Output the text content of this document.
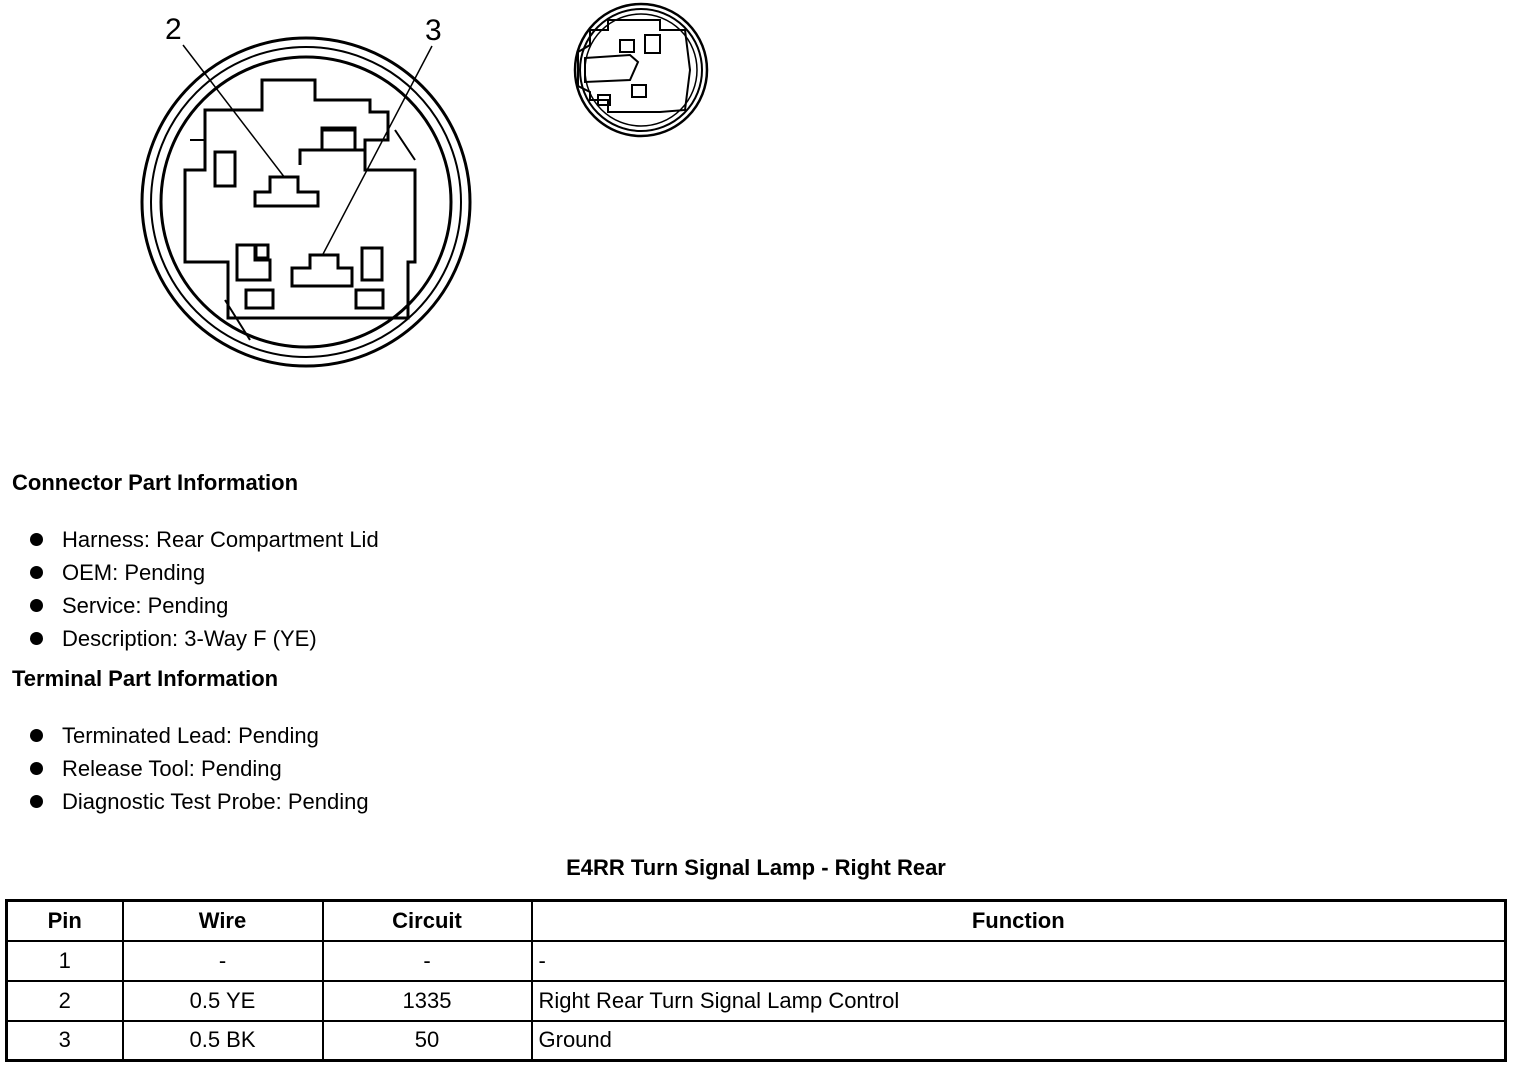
2	3
Connector Part Information
Harness: Rear Compartment Lid
OEM: Pending
Service: Pending
Description: 3-Way F (YE)
Terminal Part Information
Terminated Lead: Pending
Release Tool: Pending
Diagnostic Test Probe: Pending
E4RR Turn Signal Lamp - Right Rear
Pin	Wire	Circuit	Function
1	-	-	-
2	0.5 YE	1335	Right Rear Turn Signal Lamp Control
3	0.5 BK	50	Ground
